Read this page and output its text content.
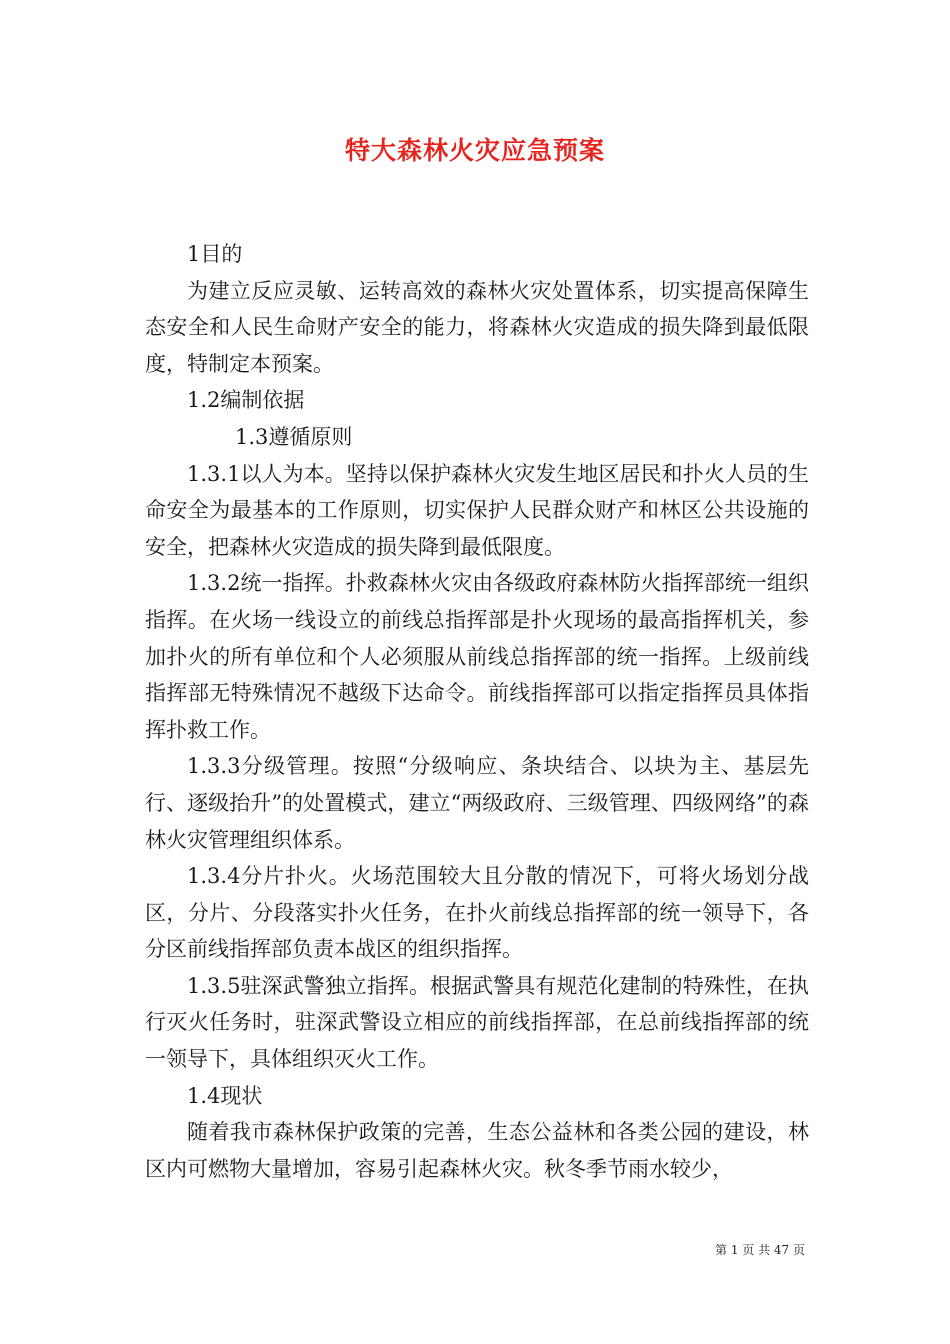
特大森林火灾应急预案

1目的

为建立反应灵敏、运转高效的森林火灾处置体系，切实提高保障生态安全和人民生命财产安全的能力，将森林火灾造成的损失降到最低限度，特制定本预案。

1.2编制依据

1.3遵循原则

1.3.1以人为本。坚持以保护森林火灾发生地区居民和扑火人员的生命安全为最基本的工作原则，切实保护人民群众财产和林区公共设施的安全，把森林火灾造成的损失降到最低限度。

1.3.2统一指挥。扑救森林火灾由各级政府森林防火指挥部统一组织指挥。在火场一线设立的前线总指挥部是扑火现场的最高指挥机关，参加扑火的所有单位和个人必须服从前线总指挥部的统一指挥。上级前线指挥部无特殊情况不越级下达命令。前线指挥部可以指定指挥员具体指挥扑救工作。

1.3.3分级管理。按照“分级响应、条块结合、以块为主、基层先行、逐级抬升”的处置模式，建立“两级政府、三级管理、四级网络”的森林火灾管理组织体系。

1.3.4分片扑火。火场范围较大且分散的情况下，可将火场划分战区，分片、分段落实扑火任务，在扑火前线总指挥部的统一领导下，各分区前线指挥部负责本战区的组织指挥。

1.3.5驻深武警独立指挥。根据武警具有规范化建制的特殊性，在执行灭火任务时，驻深武警设立相应的前线指挥部，在总前线指挥部的统一领导下，具体组织灭火工作。

1.4现状

随着我市森林保护政策的完善，生态公益林和各类公园的建设，林区内可燃物大量增加，容易引起森林火灾。秋冬季节雨水较少，

第 1 页 共 47 页
